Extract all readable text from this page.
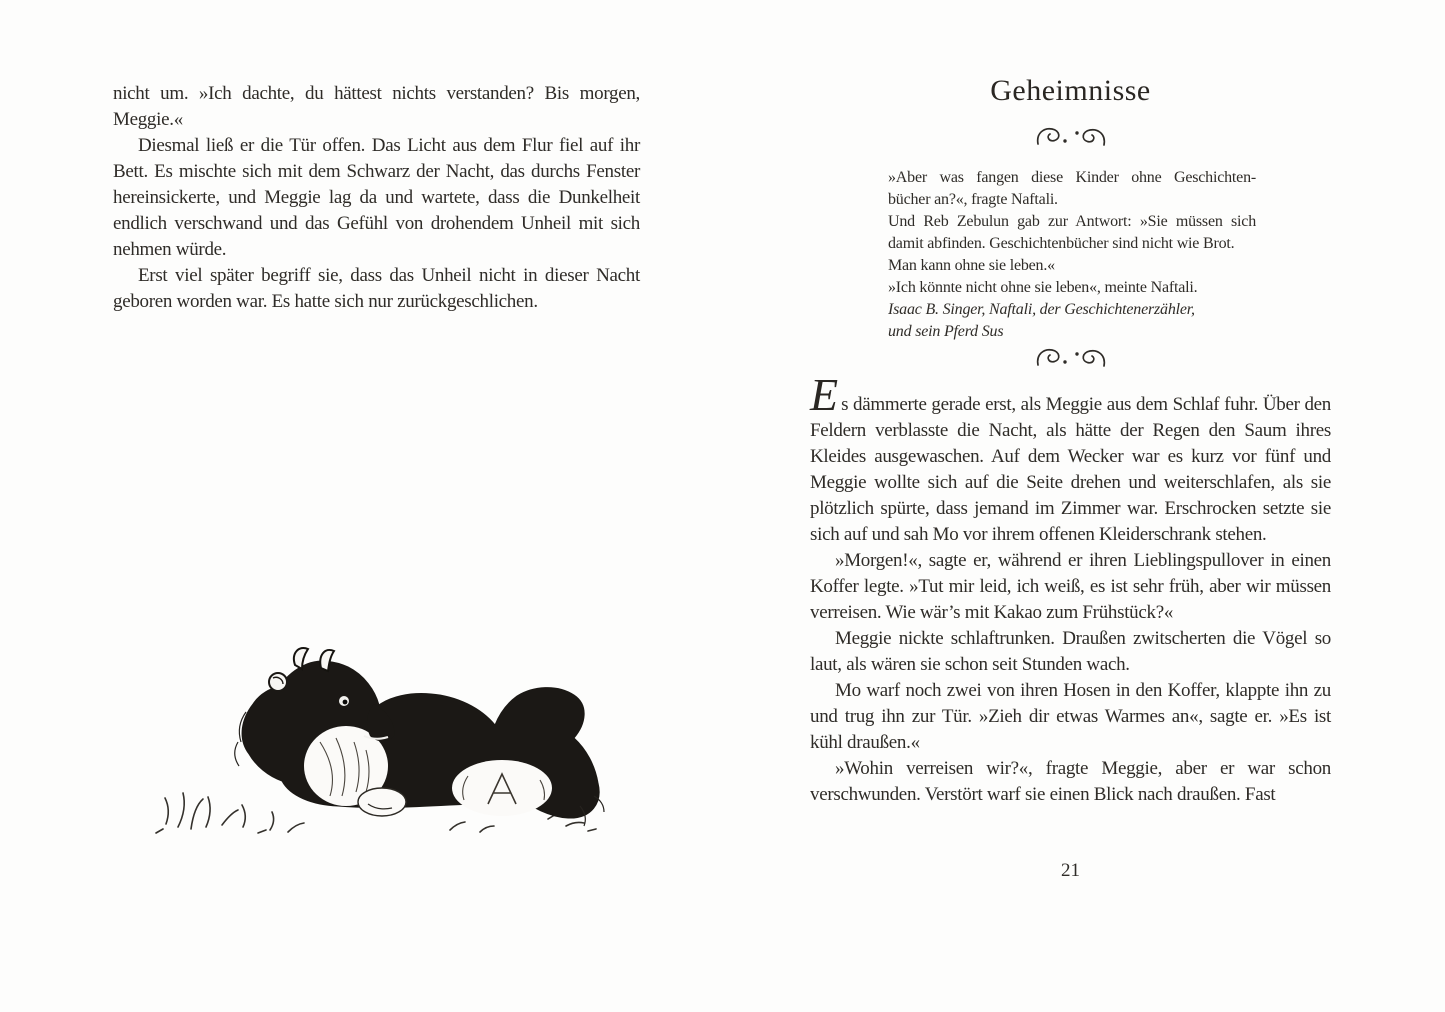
nicht um. »Ich dachte, du hättest nichts verstanden? Bis morgen, Meggie.«

Diesmal ließ er die Tür offen. Das Licht aus dem Flur fiel auf ihr Bett. Es mischte sich mit dem Schwarz der Nacht, das durchs Fenster hereinsickerte, und Meggie lag da und wartete, dass die Dunkelheit endlich verschwand und das Gefühl von drohendem Unheil mit sich nehmen würde.

Erst viel später begriff sie, dass das Unheil nicht in dieser Nacht geboren worden war. Es hatte sich nur zurückgeschlichen.

Geheimnisse
»Aber was fangen diese Kinder ohne Geschichten-
bücher an?«, fragte Naftali.
Und Reb Zebulun gab zur Antwort: »Sie müssen sich
damit abfinden. Geschichtenbücher sind nicht wie Brot.
Man kann ohne sie leben.«
»Ich könnte nicht ohne sie leben«, meinte Naftali.
Isaac B. Singer, Naftali, der Geschichtenerzähler,
und sein Pferd Sus

Es dämmerte gerade erst, als Meggie aus dem Schlaf fuhr. Über den Feldern verblasste die Nacht, als hätte der Regen den Saum ihres Kleides ausgewaschen. Auf dem Wecker war es kurz vor fünf und Meggie wollte sich auf die Seite drehen und weiterschlafen, als sie plötzlich spürte, dass jemand im Zimmer war. Erschrocken setzte sie sich auf und sah Mo vor ihrem offenen Kleiderschrank stehen.

»Morgen!«, sagte er, während er ihren Lieblingspullover in einen Koffer legte. »Tut mir leid, ich weiß, es ist sehr früh, aber wir müssen verreisen. Wie wär’s mit Kakao zum Frühstück?«

Meggie nickte schlaftrunken. Draußen zwitscherten die Vögel so laut, als wären sie schon seit Stunden wach.

Mo warf noch zwei von ihren Hosen in den Koffer, klappte ihn zu und trug ihn zur Tür. »Zieh dir etwas Warmes an«, sagte er. »Es ist kühl draußen.«

»Wohin verreisen wir?«, fragte Meggie, aber er war schon verschwunden. Verstört warf sie einen Blick nach draußen. Fast

21
